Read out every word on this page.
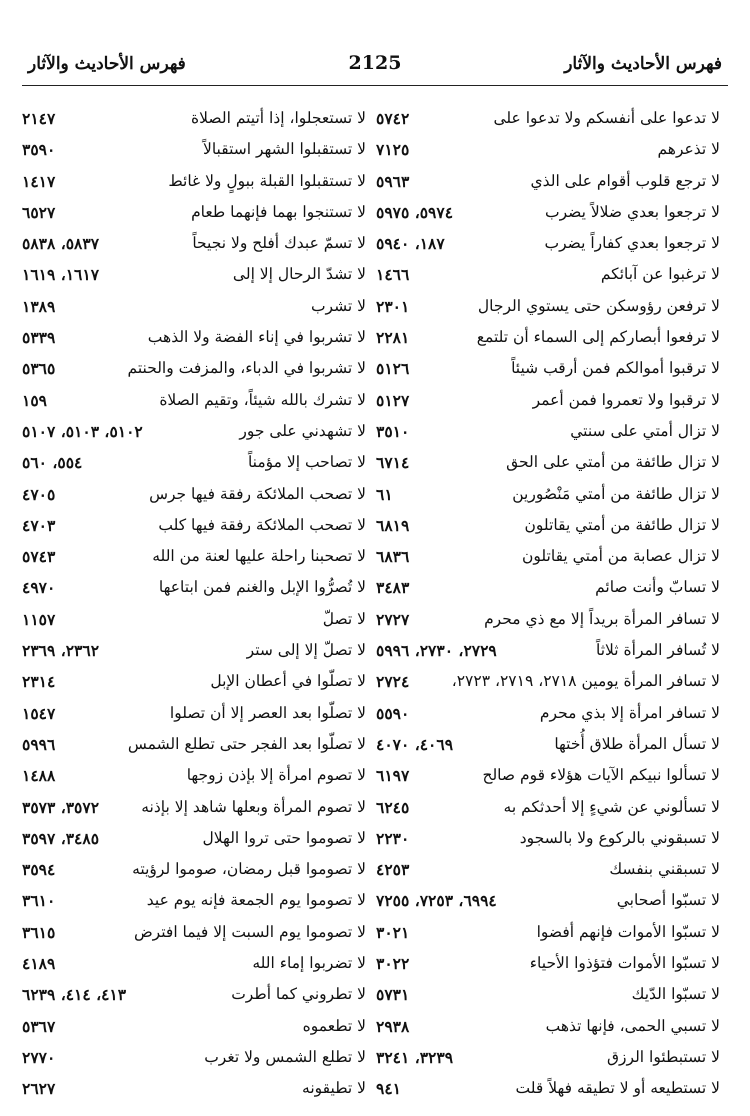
فهرس الأحاديث والآثار
2125
فهرس الأحاديث والآثار
لا تدعوا على أنفسكم ولا تدعوا على
٥٧٤٢
لا تذعرهم
٧١٢٥
لا ترجع قلوب أقوام على الذي
٥٩٦٣
لا ترجعوا بعدي ضلالاً يضرب
٥٩٧٤، ٥٩٧٥
لا ترجعوا بعدي كفاراً يضرب
١٨٧، ٥٩٤٠
لا ترغبوا عن آبائكم
١٤٦٦
لا ترفعن رؤوسكن حتى يستوي الرجال
٢٣٠١
لا ترفعوا أبصاركم إلى السماء أن تلتمع
٢٢٨١
لا ترقبوا أموالكم فمن أرقب شيئاً
٥١٢٦
لا ترقبوا ولا تعمروا فمن أعمر
٥١٢٧
لا تزال أمتي على سنتي
٣٥١٠
لا تزال طائفة من أمتي على الحق
٦٧١٤
لا تزال طائفة من أمتي مَنْصُورين
٦١
لا تزال طائفة من أمتي يقاتلون
٦٨١٩
لا تزال عصابة من أمتي يقاتلون
٦٨٣٦
لا تسابّ وأنت صائم
٣٤٨٣
لا تسافر المرأة بريداً إلا مع ذي محرم
٢٧٢٧
لا تُسافر المرأة ثلاثاً
٢٧٢٩، ٢٧٣٠، ٥٩٩٦
لا تسافر المرأة يومين ٢٧١٨، ٢٧١٩، ٢٧٢٣،
٢٧٢٤
لا تسافر امرأة إلا بذي محرم
٥٥٩٠
لا تسأل المرأة طلاق أُختها
٤٠٦٩، ٤٠٧٠
لا تسألوا نبيكم الآيات هؤلاء قوم صالح
٦١٩٧
لا تسألوني عن شيءٍ إلا أحدثكم به
٦٢٤٥
لا تسبقوني بالركوع ولا بالسجود
٢٢٣٠
لا تسبقني بنفسك
٤٢٥٣
لا تسبّوا أصحابي
٦٩٩٤، ٧٢٥٣، ٧٢٥٥
لا تسبّوا الأموات فإنهم أفضوا
٣٠٢١
لا تسبّوا الأموات فتؤذوا الأحياء
٣٠٢٢
لا تسبّوا الدّيك
٥٧٣١
لا تسبي الحمى، فإنها تذهب
٢٩٣٨
لا تستبطئوا الرزق
٣٢٣٩، ٣٢٤١
لا تستطيعه أو لا تطيقه فهلاً قلت
٩٤١
لا تستعجلوا، إذا أتيتم الصلاة
٢١٤٧
لا تستقبلوا الشهر استقبالاً
٣٥٩٠
لا تستقبلوا القبلة ببولٍ ولا غائط
١٤١٧
لا تستنجوا بهما فإنهما طعام
٦٥٢٧
لا تسمّ عبدك أفلح ولا نجيحاً
٥٨٣٧، ٥٨٣٨
لا تشدّ الرحال إلا إلى
١٦١٧، ١٦١٩
لا تشرب
١٣٨٩
لا تشربوا في إناء الفضة ولا الذهب
٥٣٣٩
لا تشربوا في الدباء، والمزفت والحنتم
٥٣٦٥
لا تشرك بالله شيئاً، وتقيم الصلاة
١٥٩
لا تشهدني على جور
٥١٠٢، ٥١٠٣، ٥١٠٧
لا تصاحب إلا مؤمناً
٥٥٤، ٥٦٠
لا تصحب الملائكة رفقة فيها جرس
٤٧٠٥
لا تصحب الملائكة رفقة فيها كلب
٤٧٠٣
لا تصحبنا راحلة عليها لعنة من الله
٥٧٤٣
لا تُصرُّوا الإبل والغنم فمن ابتاعها
٤٩٧٠
لا تصلّ
١١٥٧
لا تصلّ إلا إلى ستر
٢٣٦٢، ٢٣٦٩
لا تصلّوا في أعطان الإبل
٢٣١٤
لا تصلّوا بعد العصر إلا أن تصلوا
١٥٤٧
لا تصلّوا بعد الفجر حتى تطلع الشمس
٥٩٩٦
لا تصوم امرأة إلا بإذن زوجها
١٤٨٨
لا تصوم المرأة وبعلها شاهد إلا بإذنه
٣٥٧٢، ٣٥٧٣
لا تصوموا حتى تروا الهلال
٣٤٨٥، ٣٥٩٧
لا تصوموا قبل رمضان، صوموا لرؤيته
٣٥٩٤
لا تصوموا يوم الجمعة فإنه يوم عيد
٣٦١٠
لا تصوموا يوم السبت إلا فيما افترض
٣٦١٥
لا تضربوا إماء الله
٤١٨٩
لا تطروني كما أطرت
٤١٣، ٤١٤، ٦٢٣٩
لا تطعموه
٥٣٦٧
لا تطلع الشمس ولا تغرب
٢٧٧٠
لا تطيقونه
٢٦٢٧
